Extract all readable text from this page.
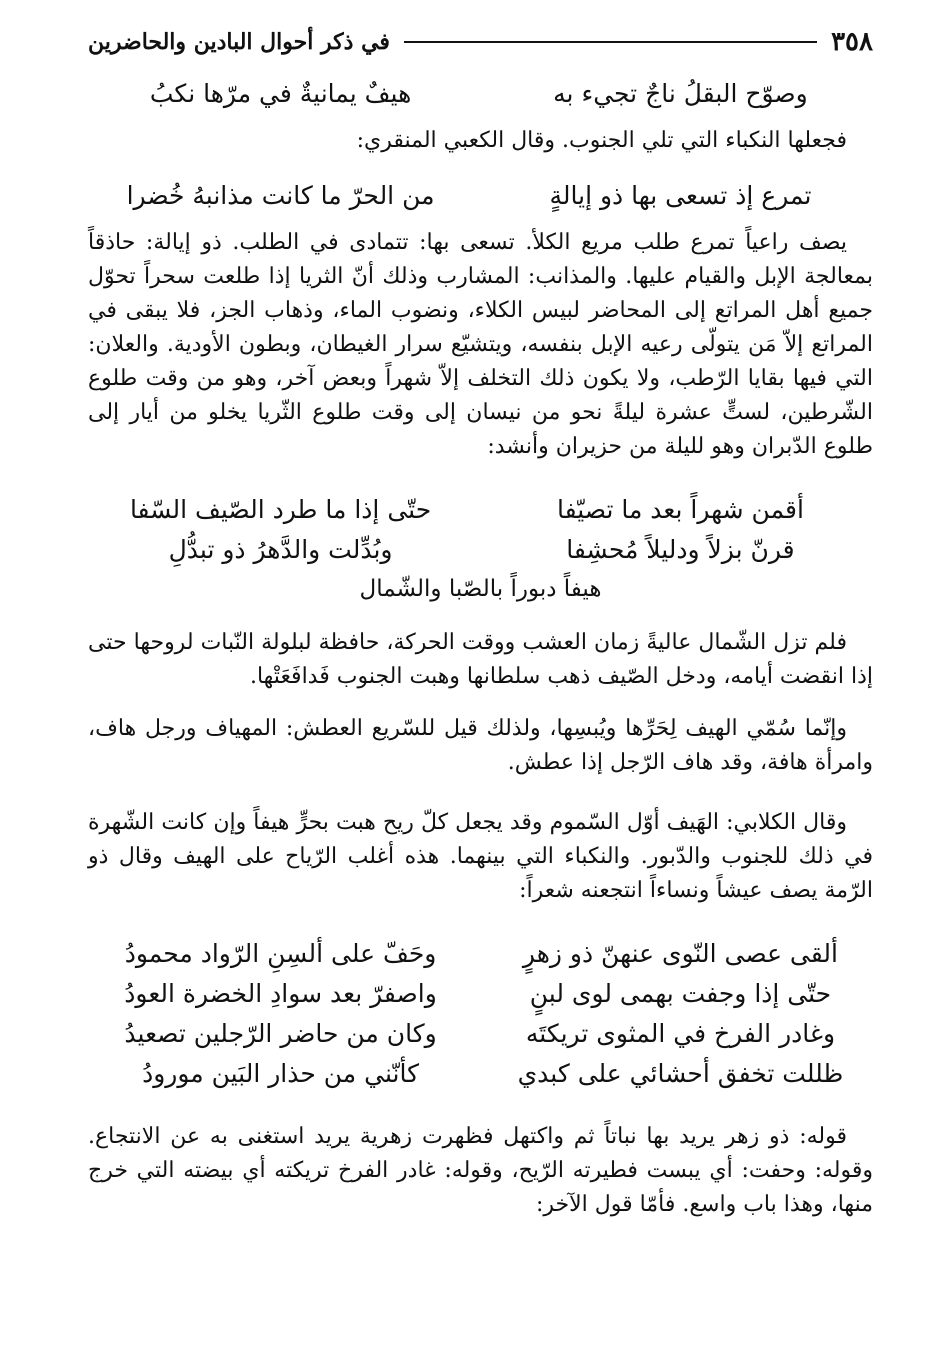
٣٥٨
في ذكر أحوال البادين والحاضرين
وصوّح البقلُ ناجٌ تجيء به
هيفٌ يمانيةٌ في مرّها نكبُ

فجعلها النكباء التي تلي الجنوب. وقال الكعبي المنقري:

تمرع إذ تسعى بها ذو إيالةٍ
من الحرّ ما كانت مذانبهُ خُضرا

يصف راعياً تمرع طلب مريع الكلأ. تسعى بها: تتمادى في الطلب. ذو إيالة: حاذقاً بمعالجة الإبل والقيام عليها. والمذانب: المشارب وذلك أنّ الثريا إذا طلعت سحراً تحوّل جميع أهل المراتع إلى المحاضر لبيس الكلاء، ونضوب الماء، وذهاب الجز، فلا يبقى في المراتع إلاّ مَن يتولّى رعيه الإبل بنفسه، ويتشيّع سرار الغيطان، وبطون الأودية. والعلان: التي فيها بقايا الرّطب، ولا يكون ذلك التخلف إلاّ شهراً وبعض آخر، وهو من وقت طلوع الشّرطين، لستٍّ عشرة ليلةً نحو من نيسان إلى وقت طلوع الثّريا يخلو من أيار إلى طلوع الدّبران وهو لليلة من حزيران وأنشد:

أقمن شهراً بعد ما تصيّفا
حتّى إذا ما طرد الصّيف السّفا
قرنّ بزلاً ودليلاً مُحشِفا
وبُدِّلت والدَّهرُ ذو تبدُّلِ
هيفاً دبوراً بالصّبا والشّمال

فلم تزل الشّمال عاليةً زمان العشب ووقت الحركة، حافظة لبلولة النّبات لروحها حتى إذا انقضت أيامه، ودخل الصّيف ذهب سلطانها وهبت الجنوب فَدافَعَتْها.

وإنّما سُمّي الهيف لِحَرِّها ويُبسِها، ولذلك قيل للسّريع العطش: المهياف ورجل هاف، وامرأة هافة، وقد هاف الرّجل إذا عطش.

وقال الكلابي: الهَيف أوّل السّموم وقد يجعل كلّ ريح هبت بحرٍّ هيفاً وإن كانت الشّهرة في ذلك للجنوب والدّبور. والنكباء التي بينهما. هذه أغلب الرّياح على الهيف وقال ذو الرّمة يصف عيشاً ونساءاً انتجعنه شعراً:

ألقى عصى النّوى عنهنّ ذو زهرٍ
وحَفّ على ألسِنِ الرّواد محمودُ
حتّى إذا وجفت بهمى لوى لبنٍ
واصفرّ بعد سوادِ الخضرة العودُ
وغادر الفرخ في المثوى تريكتَه
وكان من حاضر الرّجلين تصعيدُ
ظللت تخفق أحشائي على كبدي
كأنّني من حذار البَين مورودُ

قوله: ذو زهر يريد بها نباتاً ثم واكتهل فظهرت زهرية يريد استغنى به عن الانتجاع. وقوله: وحفت: أي يبست فطيرته الرّيح، وقوله: غادر الفرخ تريكته أي بيضته التي خرج منها، وهذا باب واسع. فأمّا قول الآخر:
